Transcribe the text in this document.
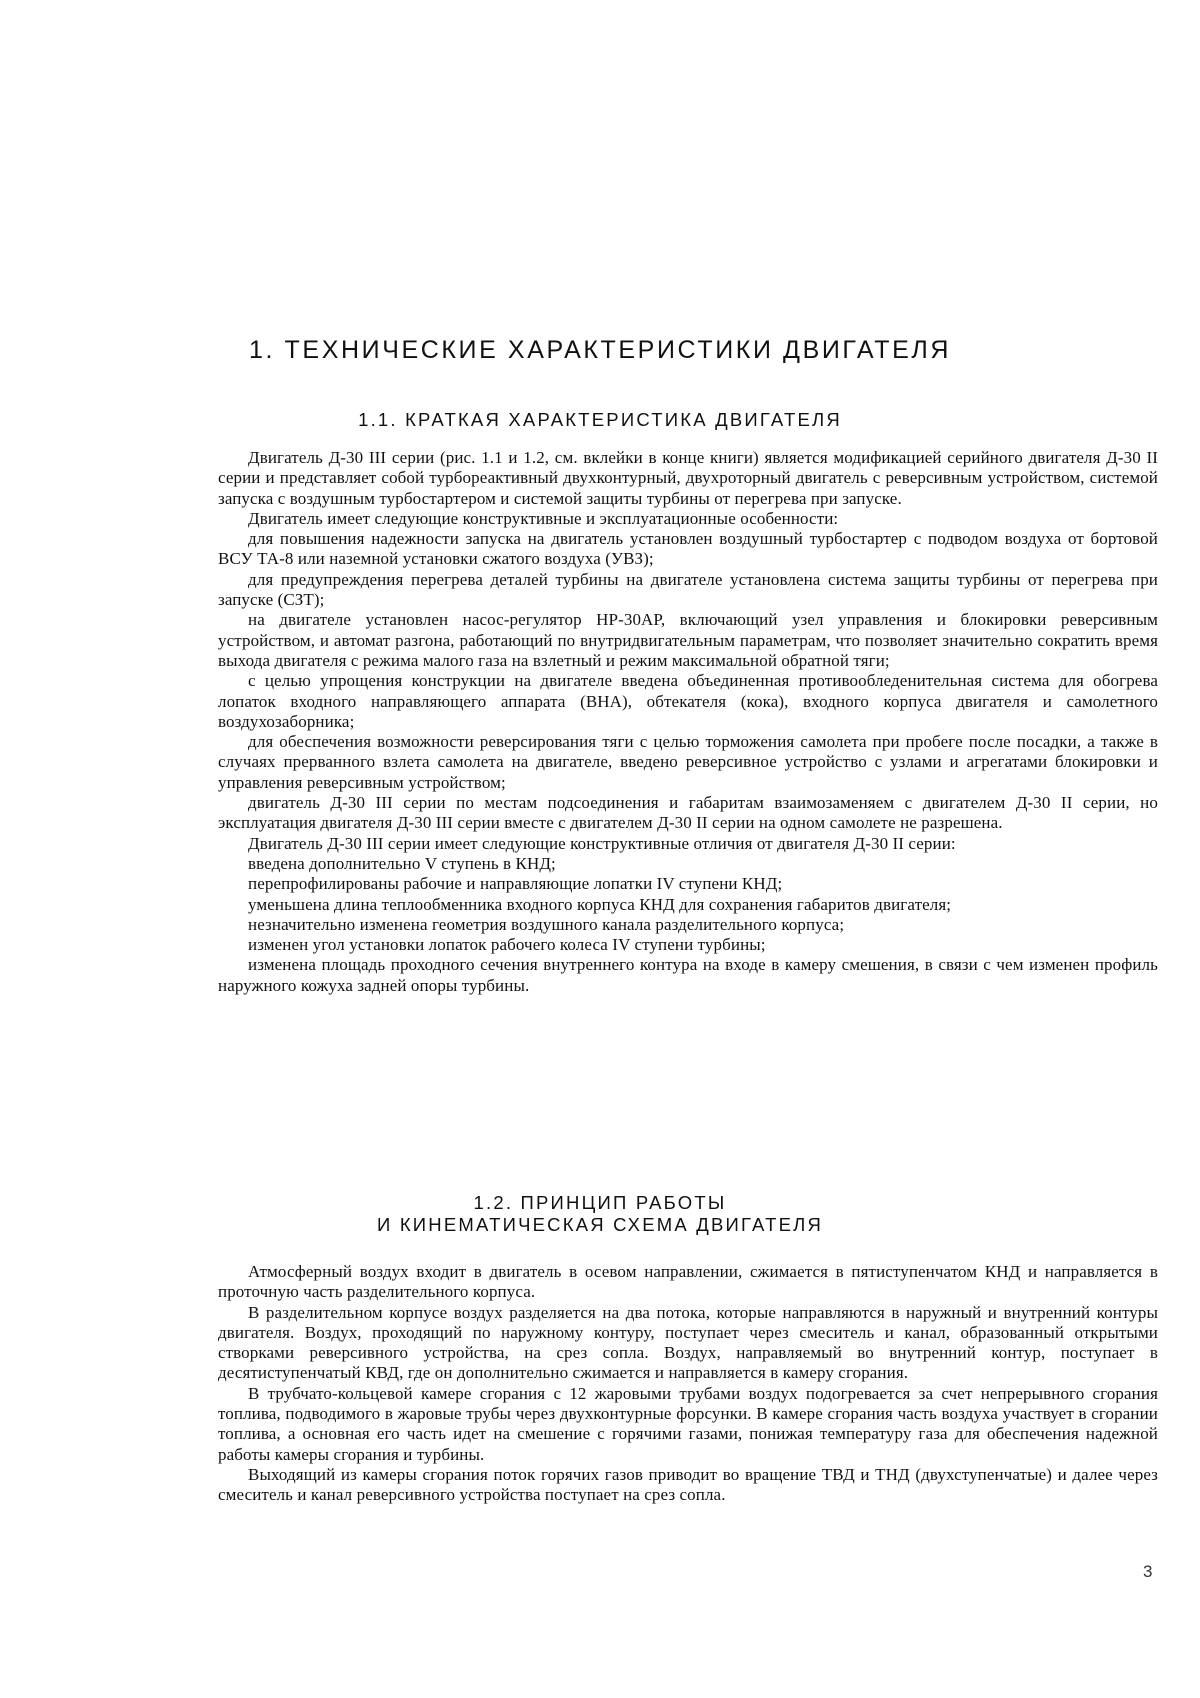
1. ТЕХНИЧЕСКИЕ ХАРАКТЕРИСТИКИ ДВИГАТЕЛЯ
1.1. КРАТКАЯ ХАРАКТЕРИСТИКА ДВИГАТЕЛЯ

Двигатель Д-30 III серии (рис. 1.1 и 1.2, см. вклейки в конце книги) является модификацией серийного двигателя Д-30 II серии и представляет собой турбореактивный двухконтурный, двухроторный двигатель с реверсивным устройством, системой запуска с воздушным турбостартером и системой защиты турбины от перегрева при запуске.

Двигатель имеет следующие конструктивные и эксплуатационные особенности:

для повышения надежности запуска на двигатель установлен воздушный турбостартер с подводом воздуха от бортовой ВСУ ТА-8 или наземной установки сжатого воздуха (УВЗ);

для предупреждения перегрева деталей турбины на двигателе установлена система защиты турбины от перегрева при запуске (СЗТ);

на двигателе установлен насос-регулятор НР-30АР, включающий узел управления и блокировки реверсивным устройством, и автомат разгона, работающий по внутридвигательным параметрам, что позволяет значительно сократить время выхода двигателя с режима малого газа на взлетный и режим максимальной обратной тяги;

с целью упрощения конструкции на двигателе введена объединенная противообледенительная система для обогрева лопаток входного направляющего аппарата (ВНА), обтекателя (кока), входного корпуса двигателя и самолетного воздухозаборника;

для обеспечения возможности реверсирования тяги с целью торможения самолета при пробеге после посадки, а также в случаях прерванного взлета самолета на двигателе, введено реверсивное устройство с узлами и агрегатами блокировки и управления реверсивным устройством;

двигатель Д-30 III серии по местам подсоединения и габаритам взаимозаменяем с двигателем Д-30 II серии, но эксплуатация двигателя Д-30 III серии вместе с двигателем Д-30 II серии на одном самолете не разрешена.

Двигатель Д-30 III серии имеет следующие конструктивные отличия от двигателя Д-30 II серии:

введена дополнительно V ступень в КНД;

перепрофилированы рабочие и направляющие лопатки IV ступени КНД;

уменьшена длина теплообменника входного корпуса КНД для сохранения габаритов двигателя;

незначительно изменена геометрия воздушного канала разделительного корпуса;

изменен угол установки лопаток рабочего колеса IV ступени турбины;

изменена площадь проходного сечения внутреннего контура на входе в камеру смешения, в связи с чем изменен профиль наружного кожуха задней опоры турбины.

1.2. ПРИНЦИП РАБОТЫ
И КИНЕМАТИЧЕСКАЯ СХЕМА ДВИГАТЕЛЯ

Атмосферный воздух входит в двигатель в осевом направлении, сжимается в пятиступенчатом КНД и направляется в проточную часть разделительного корпуса.

В разделительном корпусе воздух разделяется на два потока, которые направляются в наружный и внутренний контуры двигателя. Воздух, проходящий по наружному контуру, поступает через смеситель и канал, образованный открытыми створками реверсивного устройства, на срез сопла. Воздух, направляемый во внутренний контур, поступает в десятиступенчатый КВД, где он дополнительно сжимается и направляется в камеру сгорания.

В трубчато-кольцевой камере сгорания с 12 жаровыми трубами воздух подогревается за счет непрерывного сгорания топлива, подводимого в жаровые трубы через двухконтурные форсунки. В камере сгорания часть воздуха участвует в сгорании топлива, а основная его часть идет на смешение с горячими газами, понижая температуру газа для обеспечения надежной работы камеры сгорания и турбины.

Выходящий из камеры сгорания поток горячих газов приводит во вращение ТВД и ТНД (двухступенчатые) и далее через смеситель и канал реверсивного устройства поступает на срез сопла.

3
